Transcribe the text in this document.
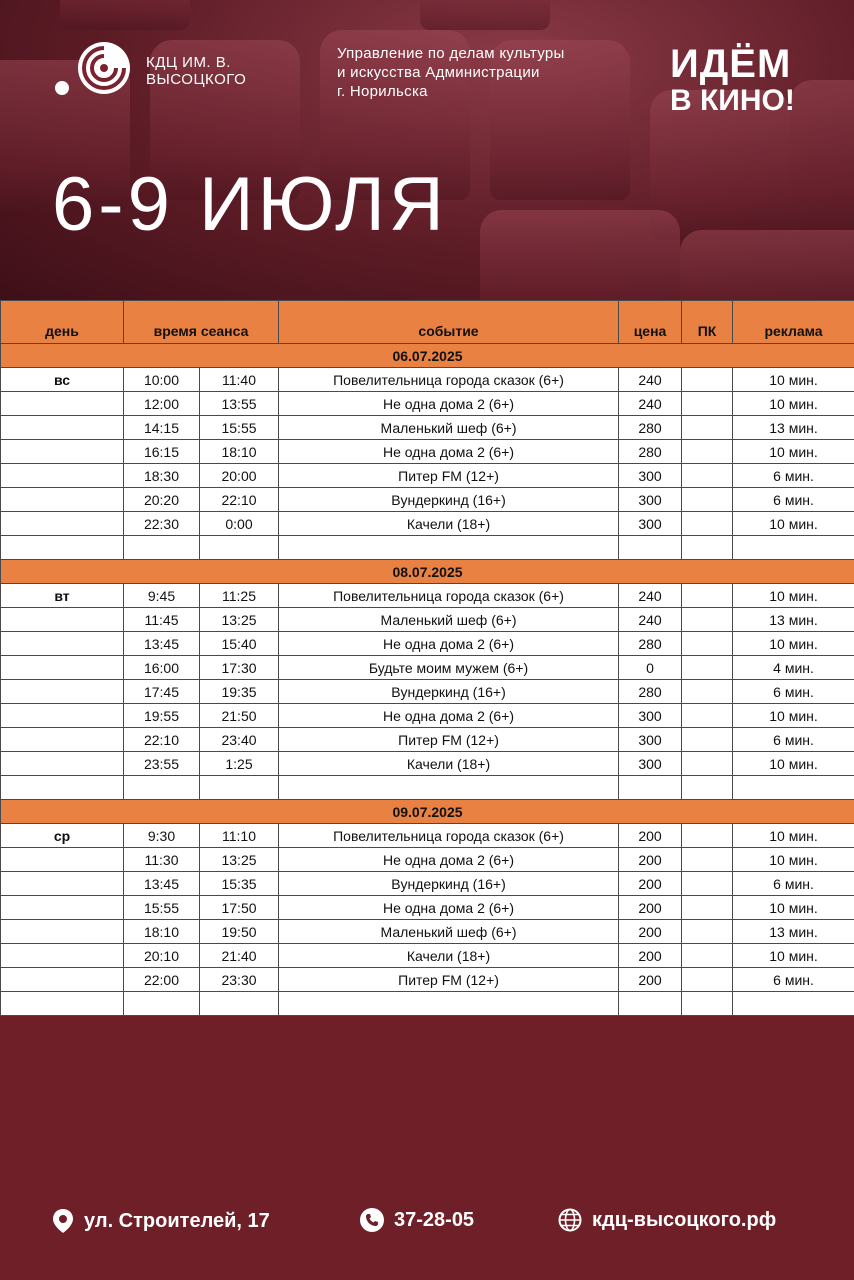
КДЦ ИМ. В.
ВЫСОЦКОГО
Управление по делам культуры
и искусства Администрации
г. Норильска
ИДЁМ
В КИНО!
6-9 ИЮЛЯ
день	время сеанса		событие	цена	ПК	реклама
06.07.2025						
вс	10:00	11:40	Повелительница города сказок (6+)	240		10 мин.
	12:00	13:55	Не одна дома 2 (6+)	240		10 мин.
	14:15	15:55	Маленький шеф (6+)	280		13 мин.
	16:15	18:10	Не одна дома 2 (6+)	280		10 мин.
	18:30	20:00	Питер FM (12+)	300		6 мин.
	20:20	22:10	Вундеркинд (16+)	300		6 мин.
	22:30	0:00	Качели (18+)	300		10 мин.

08.07.2025						
вт	9:45	11:25	Повелительница города сказок (6+)	240		10 мин.
	11:45	13:25	Маленький шеф (6+)	240		13 мин.
	13:45	15:40	Не одна дома 2 (6+)	280		10 мин.
	16:00	17:30	Будьте моим мужем (6+)	0		4 мин.
	17:45	19:35	Вундеркинд (16+)	280		6 мин.
	19:55	21:50	Не одна дома 2 (6+)	300		10 мин.
	22:10	23:40	Питер FM (12+)	300		6 мин.
	23:55	1:25	Качели (18+)	300		10 мин.

09.07.2025						
ср	9:30	11:10	Повелительница города сказок (6+)	200		10 мин.
	11:30	13:25	Не одна дома 2 (6+)	200		10 мин.
	13:45	15:35	Вундеркинд (16+)	200		6 мин.
	15:55	17:50	Не одна дома 2 (6+)	200		10 мин.
	18:10	19:50	Маленький шеф (6+)	200		13 мин.
	20:10	21:40	Качели (18+)	200		10 мин.
	22:00	23:30	Питер FM (12+)	200		6 мин.

ул. Строителей, 17	37-28-05	кдц-высоцкого.рф
